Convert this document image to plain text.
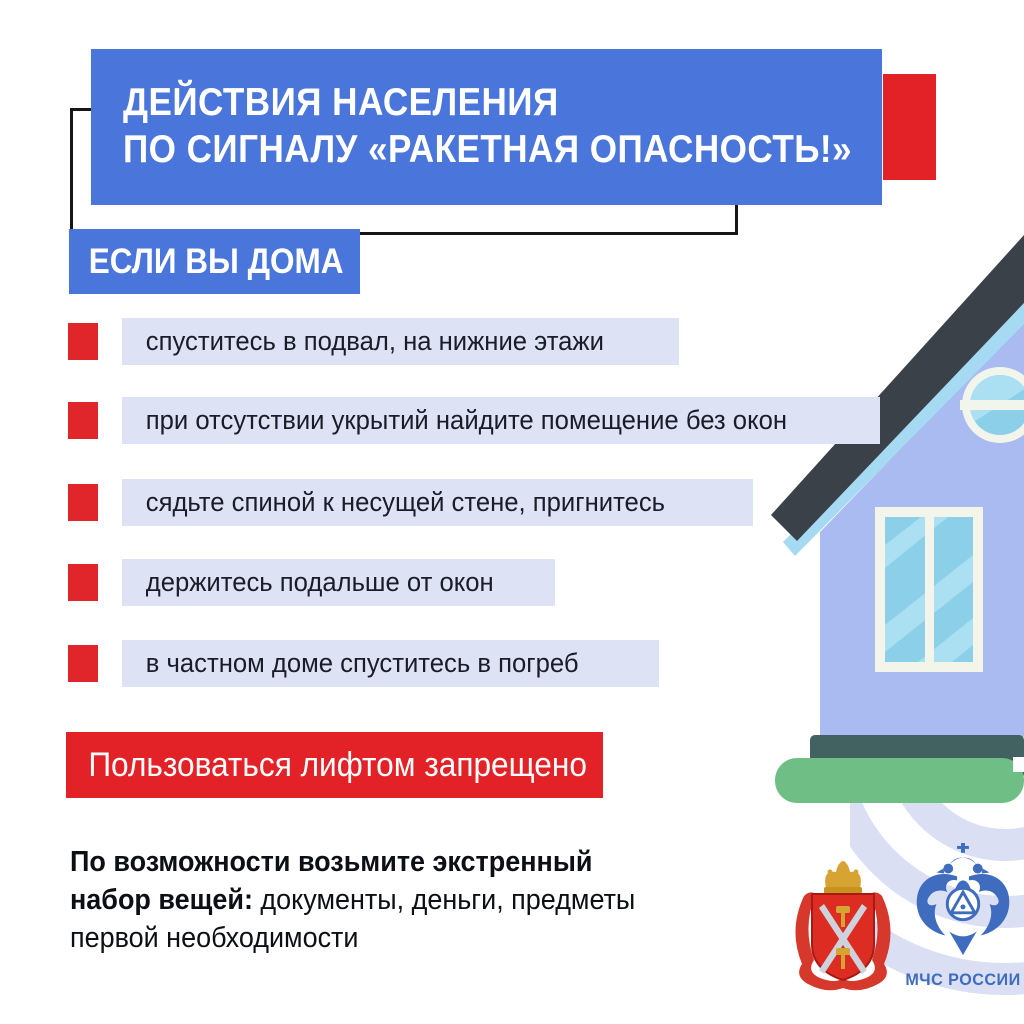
ДЕЙСТВИЯ НАСЕЛЕНИЯ
ПО СИГНАЛУ «РАКЕТНАЯ ОПАСНОСТЬ!»
ЕСЛИ ВЫ ДОМА
спуститесь в подвал, на нижние этажи
при отсутствии укрытий найдите помещение без окон
сядьте спиной к несущей стене, пригнитесь
держитесь подальше от окон
в частном доме спуститесь в погреб
Пользоваться лифтом запрещено
По возможности возьмите экстренный набор вещей: документы, деньги, предметы первой необходимости
МЧС РОССИИ
